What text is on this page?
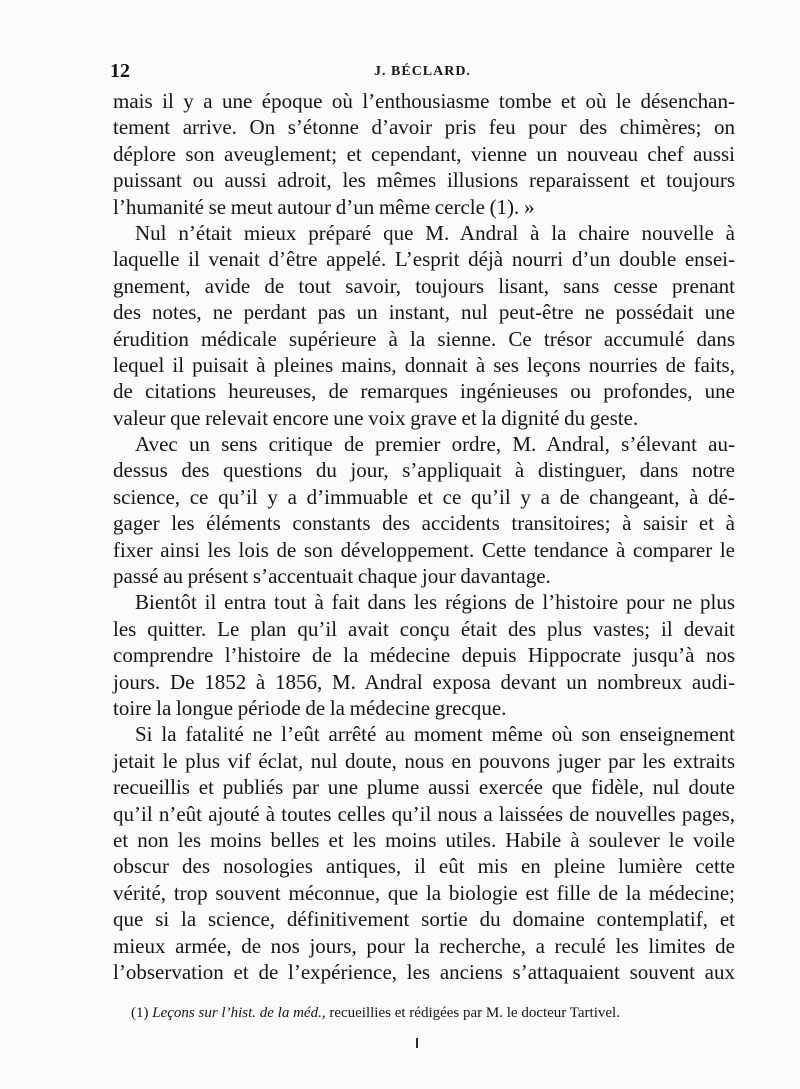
12	J. BÉCLARD.
mais il y a une époque où l’enthousiasme tombe et où le désenchan-
tement arrive. On s’étonne d’avoir pris feu pour des chimères; on
déplore son aveuglement; et cependant, vienne un nouveau chef aussi
puissant ou aussi adroit, les mêmes illusions reparaissent et toujours
l’humanité se meut autour d’un même cercle (1). »
Nul n’était mieux préparé que M. Andral à la chaire nouvelle à
laquelle il venait d’être appelé. L’esprit déjà nourri d’un double ensei-
gnement, avide de tout savoir, toujours lisant, sans cesse prenant
des notes, ne perdant pas un instant, nul peut-être ne possédait une
érudition médicale supérieure à la sienne. Ce trésor accumulé dans
lequel il puisait à pleines mains, donnait à ses leçons nourries de faits,
de citations heureuses, de remarques ingénieuses ou profondes, une
valeur que relevait encore une voix grave et la dignité du geste.
Avec un sens critique de premier ordre, M. Andral, s’élevant au-
dessus des questions du jour, s’appliquait à distinguer, dans notre
science, ce qu’il y a d’immuable et ce qu’il y a de changeant, à dé-
gager les éléments constants des accidents transitoires; à saisir et à
fixer ainsi les lois de son développement. Cette tendance à comparer le
passé au présent s’accentuait chaque jour davantage.
Bientôt il entra tout à fait dans les régions de l’histoire pour ne plus
les quitter. Le plan qu’il avait conçu était des plus vastes; il devait
comprendre l’histoire de la médecine depuis Hippocrate jusqu’à nos
jours. De 1852 à 1856, M. Andral exposa devant un nombreux audi-
toire la longue période de la médecine grecque.
Si la fatalité ne l’eût arrêté au moment même où son enseignement
jetait le plus vif éclat, nul doute, nous en pouvons juger par les extraits
recueillis et publiés par une plume aussi exercée que fidèle, nul doute
qu’il n’eût ajouté à toutes celles qu’il nous a laissées de nouvelles pages,
et non les moins belles et les moins utiles. Habile à soulever le voile
obscur des nosologies antiques, il eût mis en pleine lumière cette
vérité, trop souvent méconnue, que la biologie est fille de la médecine;
que si la science, définitivement sortie du domaine contemplatif, et
mieux armée, de nos jours, pour la recherche, a reculé les limites de
l’observation et de l’expérience, les anciens s’attaquaient souvent aux
(1) Leçons sur l’hist. de la méd., recueillies et rédigées par M. le docteur Tartivel.
